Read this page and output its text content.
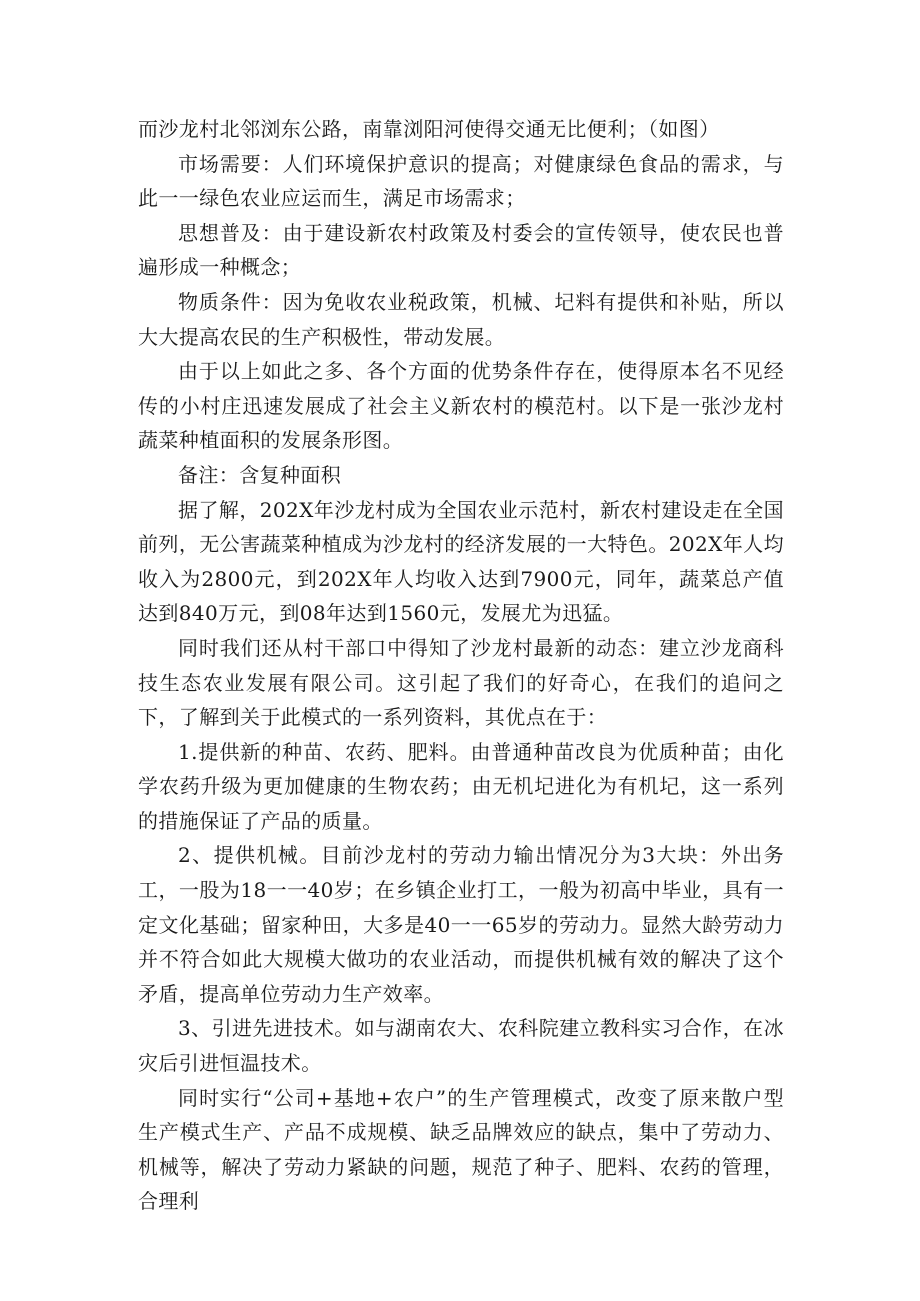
而沙龙村北邻浏东公路，南靠浏阳河使得交通无比便利；（如图）

市场需要：人们环境保护意识的提高；对健康绿色食品的需求，与此一一绿色农业应运而生，满足市场需求；

思想普及：由于建设新农村政策及村委会的宣传领导，使农民也普遍形成一种概念；

物质条件：因为免收农业税政策，机械、圮料有提供和补贴，所以大大提高农民的生产积极性，带动发展。

由于以上如此之多、各个方面的优势条件存在，使得原本名不见经传的小村庄迅速发展成了社会主义新农村的模范村。以下是一张沙龙村蔬菜种植面积的发展条形图。

备注：含复种面积

据了解，202X年沙龙村成为全国农业示范村，新农村建设走在全国前列，无公害蔬菜种植成为沙龙村的经济发展的一大特色。202X年人均收入为2800元，到202X年人均收入达到7900元，同年，蔬菜总产值达到840万元，到08年达到1560元，发展尤为迅猛。

同时我们还从村干部口中得知了沙龙村最新的动态：建立沙龙商科技生态农业发展有限公司。这引起了我们的好奇心，在我们的追问之下，了解到关于此模式的一系列资料，其优点在于：

1.提供新的种苗、农药、肥料。由普通种苗改良为优质种苗；由化学农药升级为更加健康的生物农药；由无机圮进化为有机圮，这一系列的措施保证了产品的质量。

2、提供机械。目前沙龙村的劳动力输出情况分为3大块：外出务工，一股为18一一40岁；在乡镇企业打工，一般为初高中毕业，具有一定文化基础；留家种田，大多是40一一65岁的劳动力。显然大龄劳动力并不符合如此大规模大做功的农业活动，而提供机械有效的解决了这个矛盾，提高单位劳动力生产效率。

3、引进先进技术。如与湖南农大、农科院建立教科实习合作，在冰灾后引进恒温技术。

同时实行“公司+基地+农户”的生产管理模式，改变了原来散户型生产模式生产、产品不成规模、缺乏品牌效应的缺点，集中了劳动力、机械等，解决了劳动力紧缺的问题，规范了种子、肥料、农药的管理，合理利
